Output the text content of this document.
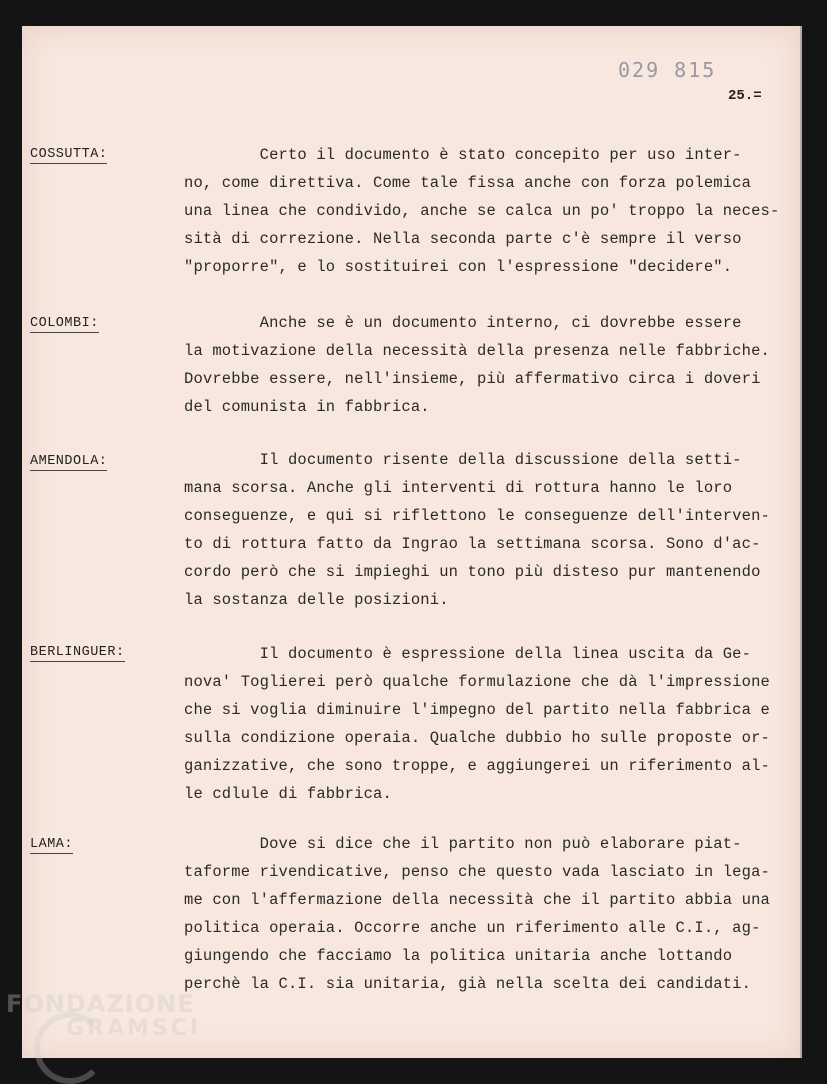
029 815
25.=
COSSUTTA:	Certo il documento è stato concepito per uso inter-
no, come direttiva. Come tale fissa anche con forza polemica
una linea che condivido, anche se calca un po' troppo la neces-
sità di correzione. Nella seconda parte c'è sempre il verso
"proporre", e lo sostituirei con l'espressione "decidere".
COLOMBI:	Anche se è un documento interno, ci dovrebbe essere
la motivazione della necessità della presenza nelle fabbriche.
Dovrebbe essere, nell'insieme, più affermativo circa i doveri
del comunista in fabbrica.
AMENDOLA:	Il documento risente della discussione della setti-
mana scorsa. Anche gli interventi di rottura hanno le loro
conseguenze, e qui si riflettono le conseguenze dell'interven-
to di rottura fatto da Ingrao la settimana scorsa. Sono d'ac-
cordo però che si impieghi un tono più disteso pur mantenendo
la sostanza delle posizioni.
BERLINGUER:	Il documento è espressione della linea uscita da Ge-
nova' Toglierei però qualche formulazione che dà l'impressione
che si voglia diminuire l'impegno del partito nella fabbrica e
sulla condizione operaia. Qualche dubbio ho sulle proposte or-
ganizzative, che sono troppe, e aggiungerei un riferimento al-
le cdlule di fabbrica.
LAMA:	Dove si dice che il partito non può elaborare piat-
taforme rivendicative, penso che questo vada lasciato in lega-
me con l'affermazione della necessità che il partito abbia una
politica operaia. Occorre anche un riferimento alle C.I., ag-
giungendo che facciamo la politica unitaria anche lottando
perchè la C.I. sia unitaria, già nella scelta dei candidati.
FONDAZIONE
GRAMSCI
